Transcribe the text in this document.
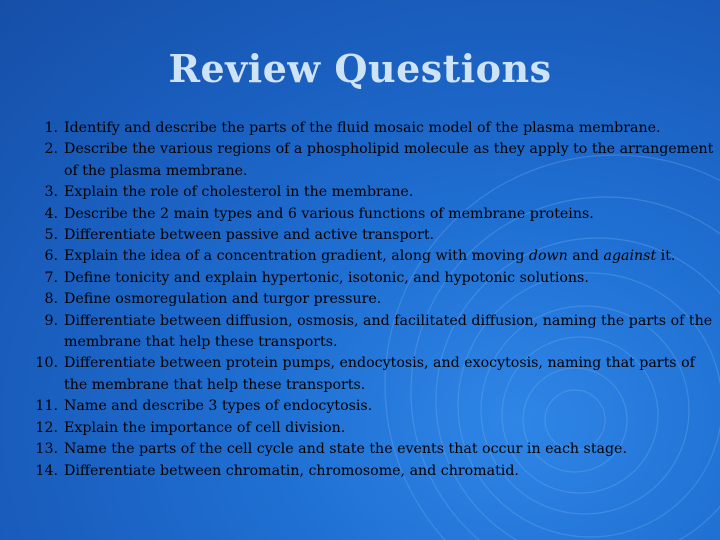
Review Questions
1. Identify and describe the parts of the fluid mosaic model of the plasma membrane.
2. Describe the various regions of a phospholipid molecule as they apply to the arrangement of the plasma membrane.
3. Explain the role of cholesterol in the membrane.
4. Describe the 2 main types and 6 various functions of membrane proteins.
5. Differentiate between passive and active transport.
6. Explain the idea of a concentration gradient, along with moving down and against it.
7. Define tonicity and explain hypertonic, isotonic, and hypotonic solutions.
8. Define osmoregulation and turgor pressure.
9. Differentiate between diffusion, osmosis, and facilitated diffusion, naming the parts of the membrane that help these transports.
10. Differentiate between protein pumps, endocytosis, and exocytosis, naming that parts of the membrane that help these transports.
11. Name and describe 3 types of endocytosis.
12. Explain the importance of cell division.
13. Name the parts of the cell cycle and state the events that occur in each stage.
14. Differentiate between chromatin, chromosome, and chromatid.
